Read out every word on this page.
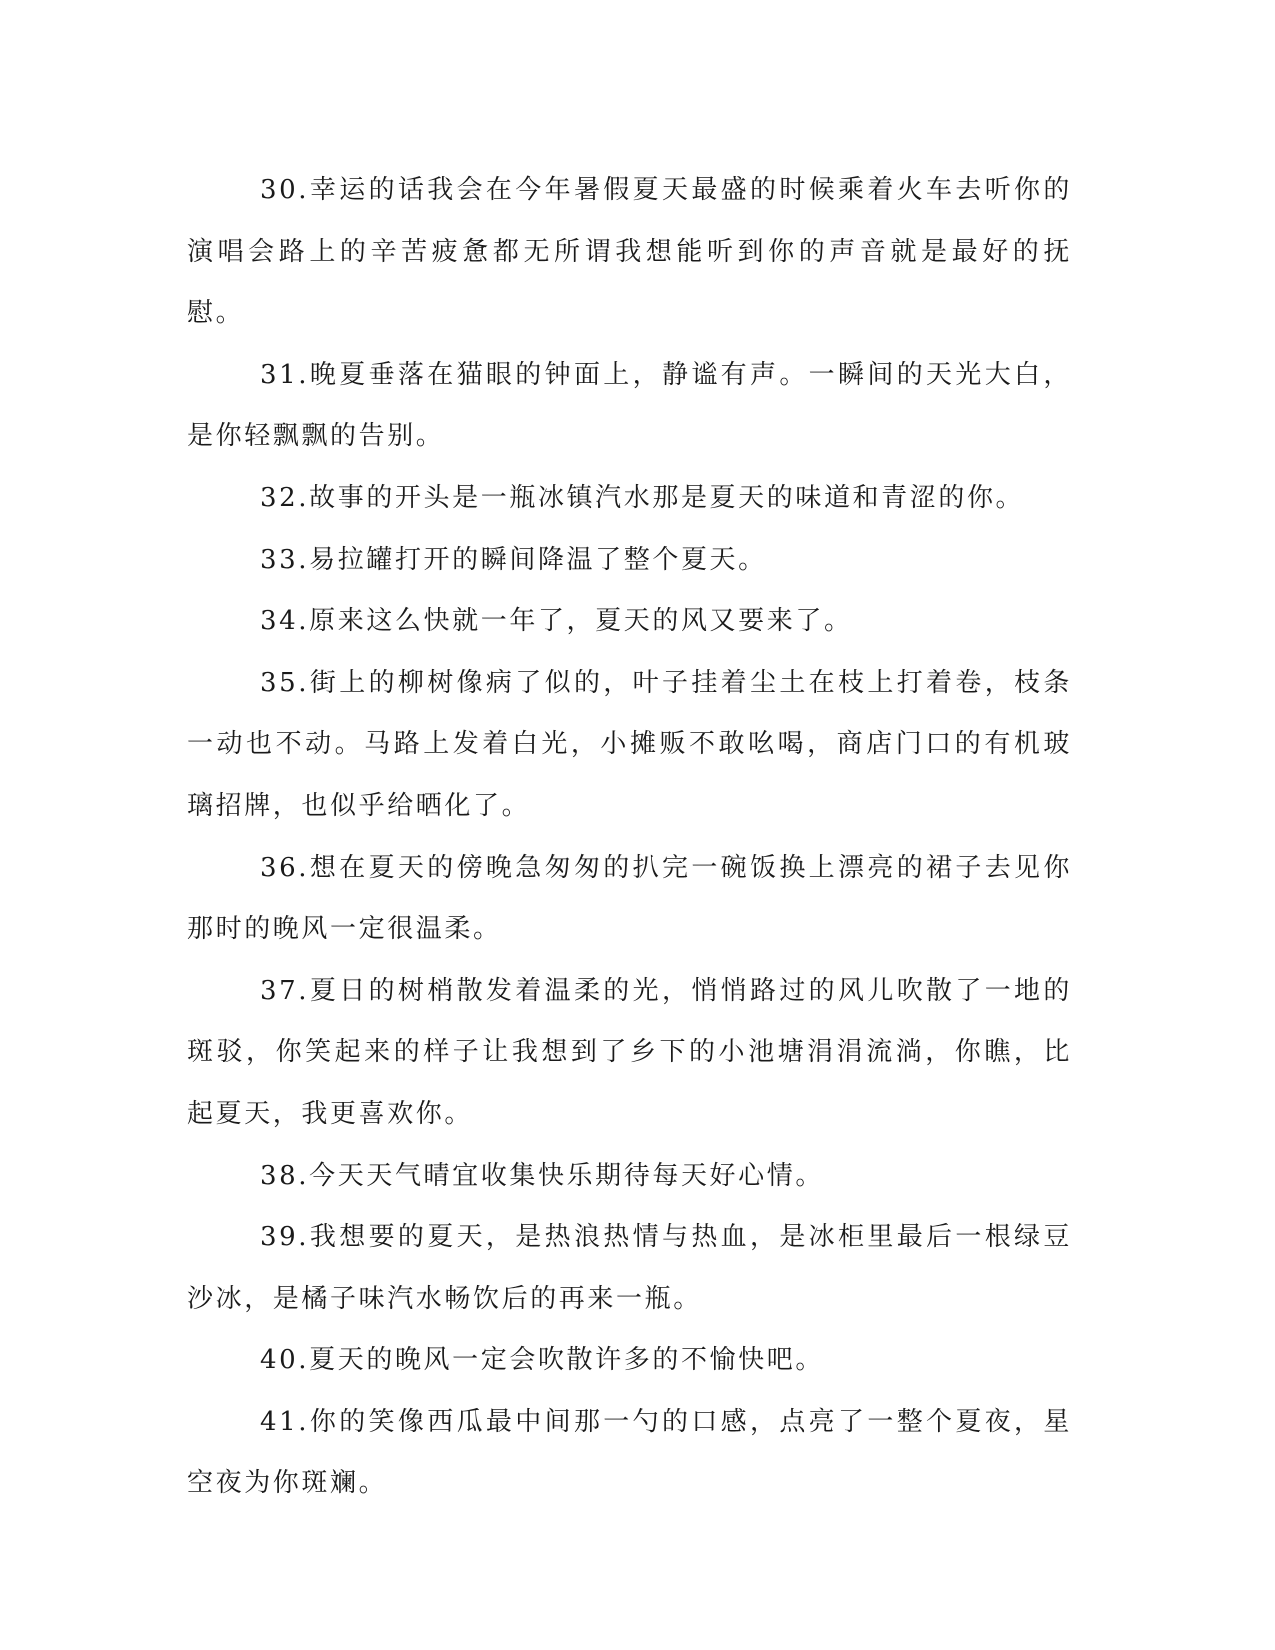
30.幸运的话我会在今年暑假夏天最盛的时候乘着火车去听你的演唱会路上的辛苦疲惫都无所谓我想能听到你的声音就是最好的抚慰。

31.晚夏垂落在猫眼的钟面上，静谧有声。一瞬间的天光大白，是你轻飘飘的告别。

32.故事的开头是一瓶冰镇汽水那是夏天的味道和青涩的你。

33.易拉罐打开的瞬间降温了整个夏天。

34.原来这么快就一年了，夏天的风又要来了。

35.街上的柳树像病了似的，叶子挂着尘土在枝上打着卷，枝条一动也不动。马路上发着白光，小摊贩不敢吆喝，商店门口的有机玻璃招牌，也似乎给晒化了。

36.想在夏天的傍晚急匆匆的扒完一碗饭换上漂亮的裙子去见你那时的晚风一定很温柔。

37.夏日的树梢散发着温柔的光，悄悄路过的风儿吹散了一地的斑驳，你笑起来的样子让我想到了乡下的小池塘涓涓流淌，你瞧，比起夏天，我更喜欢你。

38.今天天气晴宜收集快乐期待每天好心情。

39.我想要的夏天，是热浪热情与热血，是冰柜里最后一根绿豆沙冰，是橘子味汽水畅饮后的再来一瓶。

40.夏天的晚风一定会吹散许多的不愉快吧。

41.你的笑像西瓜最中间那一勺的口感，点亮了一整个夏夜，星空夜为你斑斓。
